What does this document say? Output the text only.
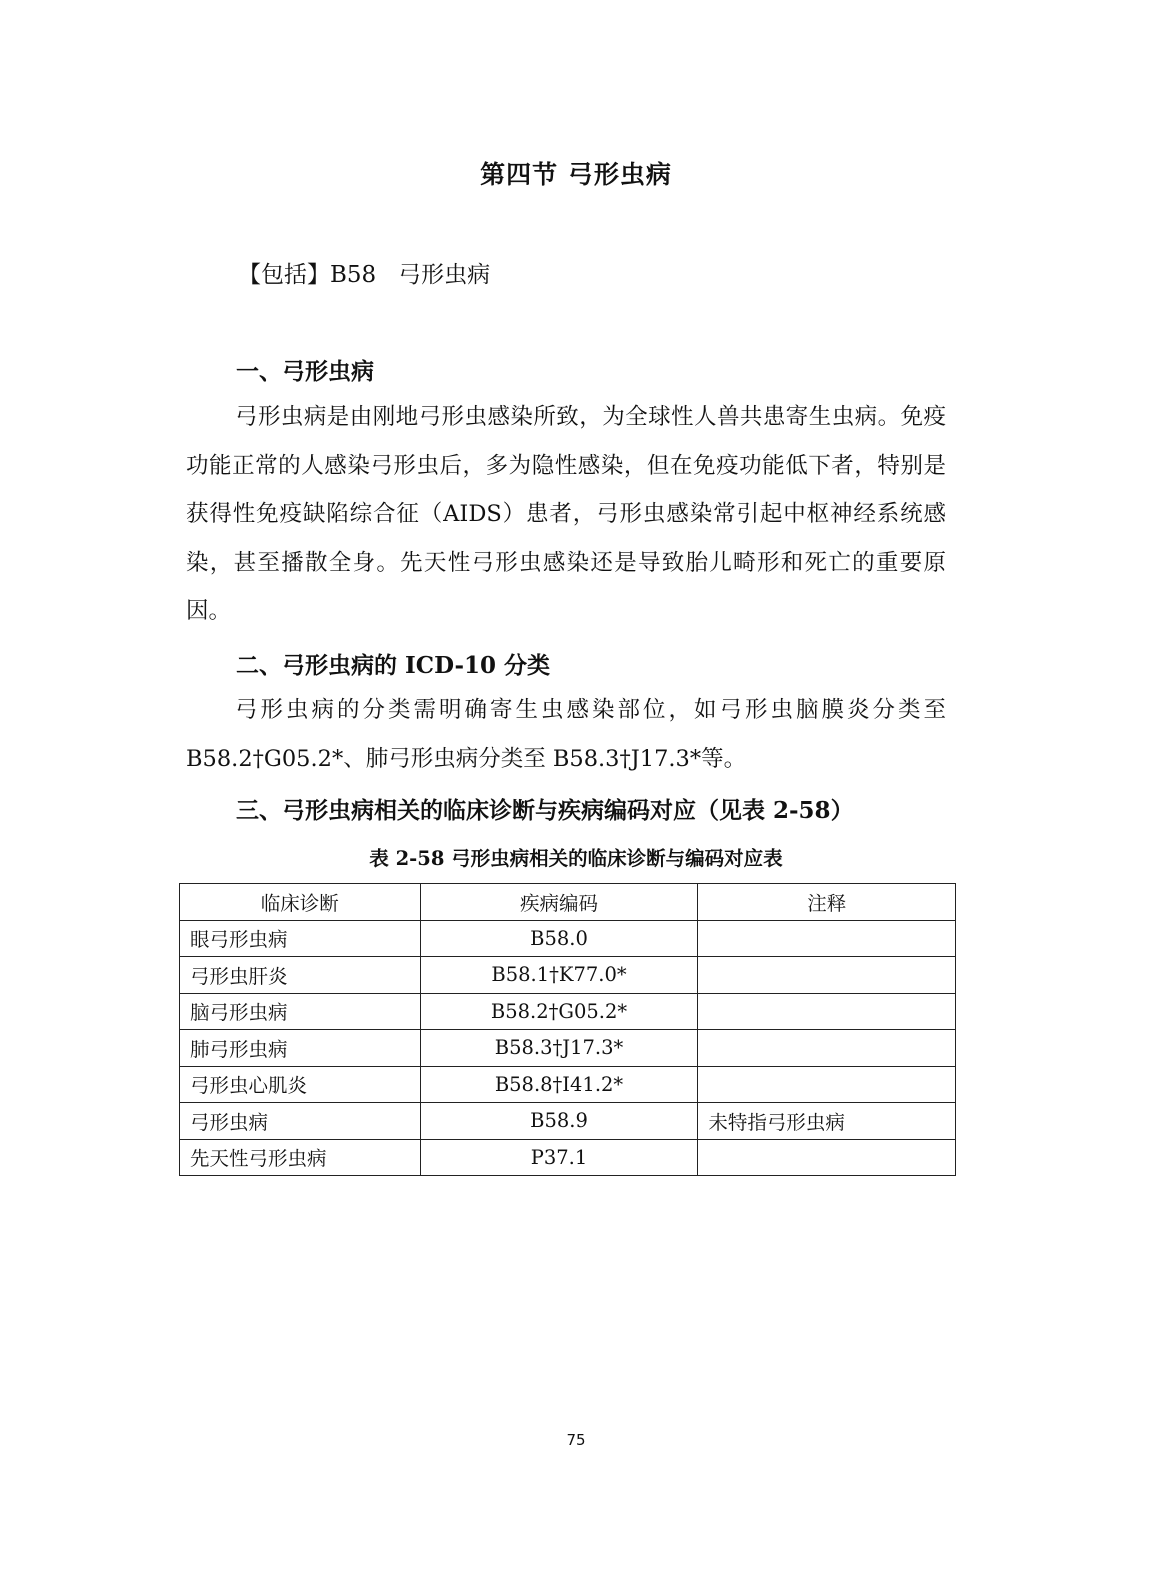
第四节 弓形虫病
【包括】B58 弓形虫病
一、弓形虫病
弓形虫病是由刚地弓形虫感染所致，为全球性人兽共患寄生虫病。免疫功能正常的人感染弓形虫后，多为隐性感染，但在免疫功能低下者，特别是获得性免疫缺陷综合征（AIDS）患者，弓形虫感染常引起中枢神经系统感染，甚至播散全身。先天性弓形虫感染还是导致胎儿畸形和死亡的重要原因。
二、弓形虫病的 ICD-10 分类
弓形虫病的分类需明确寄生虫感染部位，如弓形虫脑膜炎分类至B58.2†G05.2*、肺弓形虫病分类至 B58.3†J17.3*等。
三、弓形虫病相关的临床诊断与疾病编码对应（见表 2-58）
表 2-58 弓形虫病相关的临床诊断与编码对应表
临床诊断	疾病编码	注释
眼弓形虫病	B58.0	
弓形虫肝炎	B58.1†K77.0*	
脑弓形虫病	B58.2†G05.2*	
肺弓形虫病	B58.3†J17.3*	
弓形虫心肌炎	B58.8†I41.2*	
弓形虫病	B58.9	未特指弓形虫病
先天性弓形虫病	P37.1	
75
